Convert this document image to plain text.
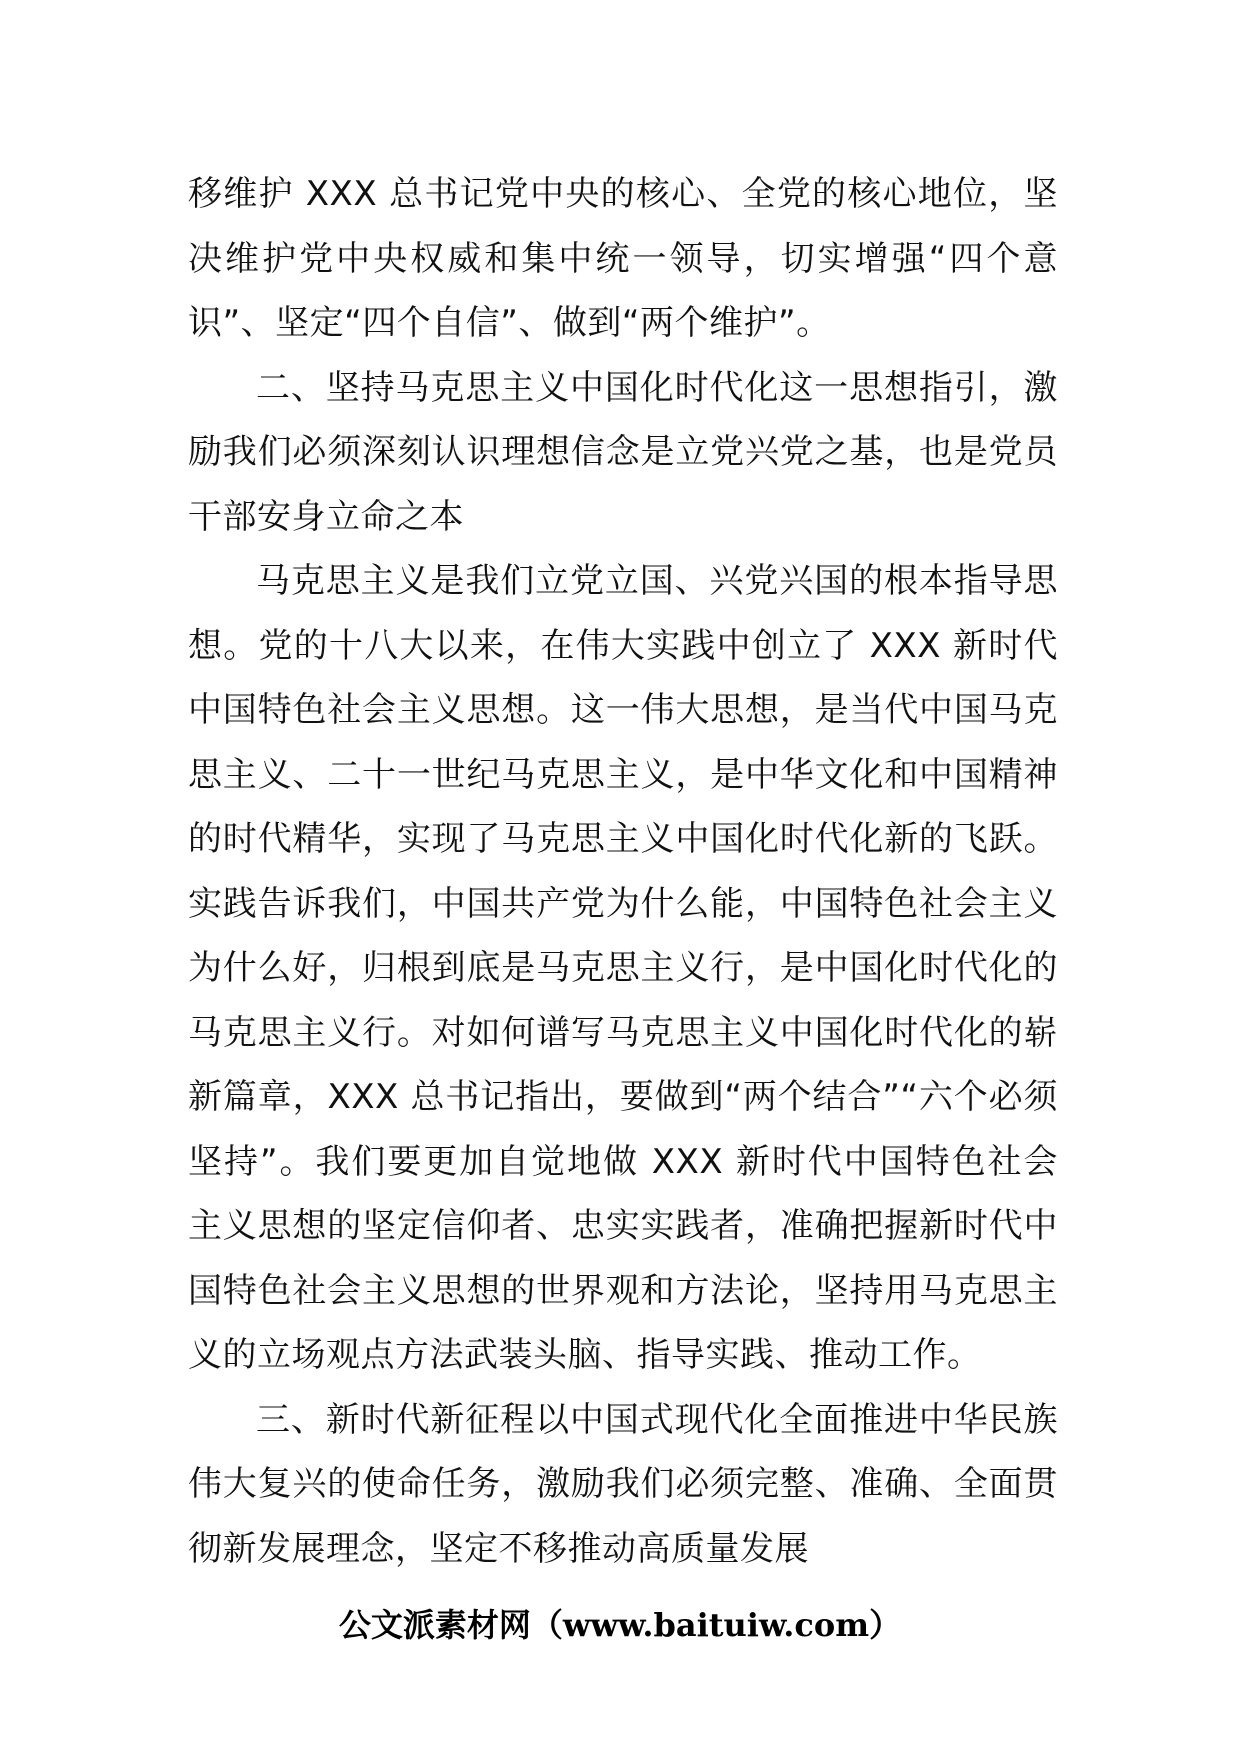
移维护 XXX 总书记党中央的核心、全党的核心地位，坚决维护党中央权威和集中统一领导，切实增强“四个意识”、坚定“四个自信”、做到“两个维护”。

二、坚持马克思主义中国化时代化这一思想指引，激励我们必须深刻认识理想信念是立党兴党之基，也是党员干部安身立命之本

马克思主义是我们立党立国、兴党兴国的根本指导思想。党的十八大以来，在伟大实践中创立了 XXX 新时代中国特色社会主义思想。这一伟大思想，是当代中国马克思主义、二十一世纪马克思主义，是中华文化和中国精神的时代精华，实现了马克思主义中国化时代化新的飞跃。实践告诉我们，中国共产党为什么能，中国特色社会主义为什么好，归根到底是马克思主义行，是中国化时代化的马克思主义行。对如何谱写马克思主义中国化时代化的崭新篇章，XXX 总书记指出，要做到“两个结合”“六个必须坚持”。我们要更加自觉地做 XXX 新时代中国特色社会主义思想的坚定信仰者、忠实实践者，准确把握新时代中国特色社会主义思想的世界观和方法论，坚持用马克思主义的立场观点方法武装头脑、指导实践、推动工作。

三、新时代新征程以中国式现代化全面推进中华民族伟大复兴的使命任务，激励我们必须完整、准确、全面贯彻新发展理念，坚定不移推动高质量发展

公文派素材网（www.baituiw.com）
